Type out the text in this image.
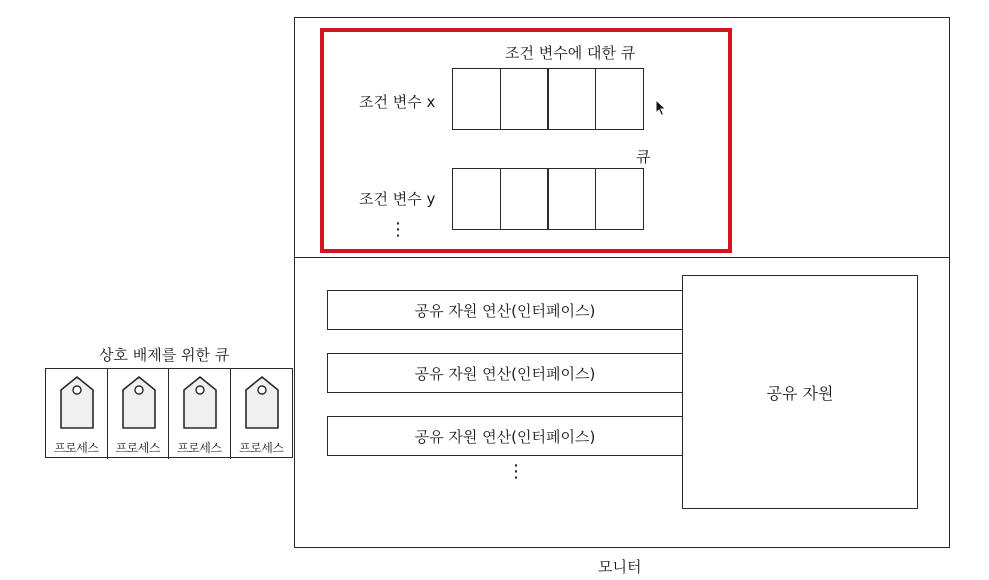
모니터
조건 변수에 대한 큐
조건 변수 x
큐
조건 변수 y
⋮
공유 자원 연산(인터페이스)
공유 자원 연산(인터페이스)
공유 자원 연산(인터페이스)
⋮
공유 자원
상호 배제를 위한 큐
프로세스	프로세스	프로세스	프로세스
